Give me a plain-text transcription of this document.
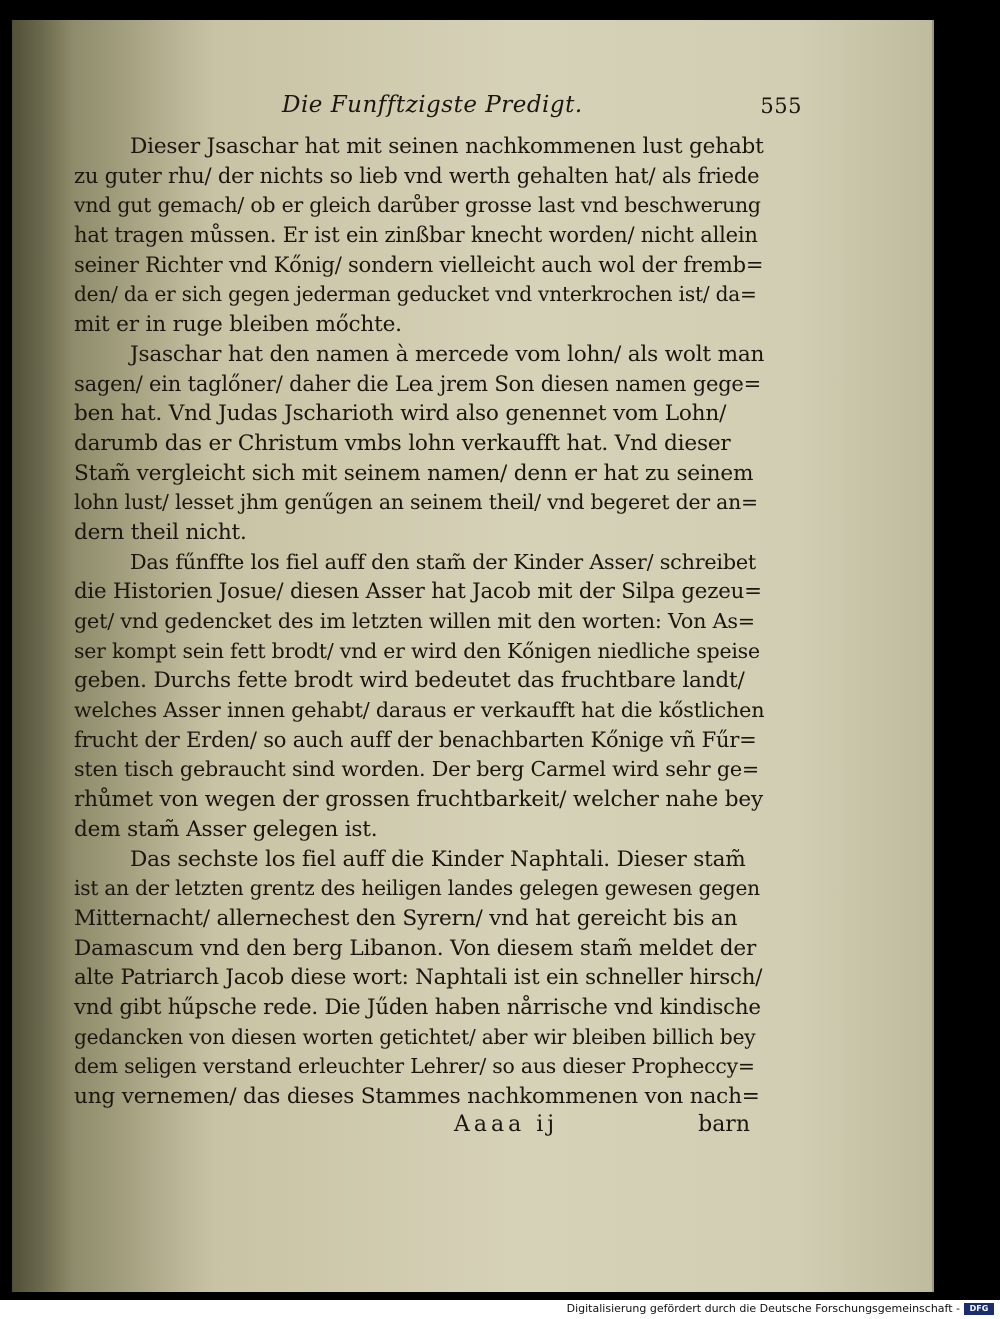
Die Funfftzigste Predigt.	555
Dieser Jsaschar hat mit seinen nachkommenen lust gehabt
zu guter rhu/ der nichts so lieb vnd werth gehalten hat/ als friede
vnd gut gemach/ ob er gleich darůber grosse last vnd beschwerung
hat tragen můssen. Er ist ein zinßbar knecht worden/ nicht allein
seiner Richter vnd Kőnig/ sondern vielleicht auch wol der fremb=
den/ da er sich gegen jederman geducket vnd vnterkrochen ist/ da=
mit er in ruge bleiben mőchte.
Jsaschar hat den namen à mercede vom lohn/ als wolt man
sagen/ ein taglőner/ daher die Lea jrem Son diesen namen gege=
ben hat. Vnd Judas Jscharioth wird also genennet vom Lohn/
darumb das er Christum vmbs lohn verkaufft hat. Vnd dieser
Stam̃ vergleicht sich mit seinem namen/ denn er hat zu seinem
lohn lust/ lesset jhm genűgen an seinem theil/ vnd begeret der an=
dern theil nicht.
Das fűnffte los fiel auff den stam̃ der Kinder Asser/ schreibet
die Historien Josue/ diesen Asser hat Jacob mit der Silpa gezeu=
get/ vnd gedencket des im letzten willen mit den worten: Von As=
ser kompt sein fett brodt/ vnd er wird den Kőnigen niedliche speise
geben. Durchs fette brodt wird bedeutet das fruchtbare landt/
welches Asser innen gehabt/ daraus er verkaufft hat die kőstlichen
frucht der Erden/ so auch auff der benachbarten Kőnige vñ Fűr=
sten tisch gebraucht sind worden. Der berg Carmel wird sehr ge=
rhůmet von wegen der grossen fruchtbarkeit/ welcher nahe bey
dem stam̃ Asser gelegen ist.
Das sechste los fiel auff die Kinder Naphtali. Dieser stam̃
ist an der letzten grentz des heiligen landes gelegen gewesen gegen
Mitternacht/ allernechest den Syrern/ vnd hat gereicht bis an
Damascum vnd den berg Libanon. Von diesem stam̃ meldet der
alte Patriarch Jacob diese wort: Naphtali ist ein schneller hirsch/
vnd gibt hűpsche rede. Die Jűden haben nårrische vnd kindische
gedancken von diesen worten getichtet/ aber wir bleiben billich bey
dem seligen verstand erleuchter Lehrer/ so aus dieser Propheccy=
ung vernemen/ das dieses Stammes nachkommenen von nach=
Aaaa ij	barn
Digitalisierung gefördert durch die Deutsche Forschungsgemeinschaft -	DFG
